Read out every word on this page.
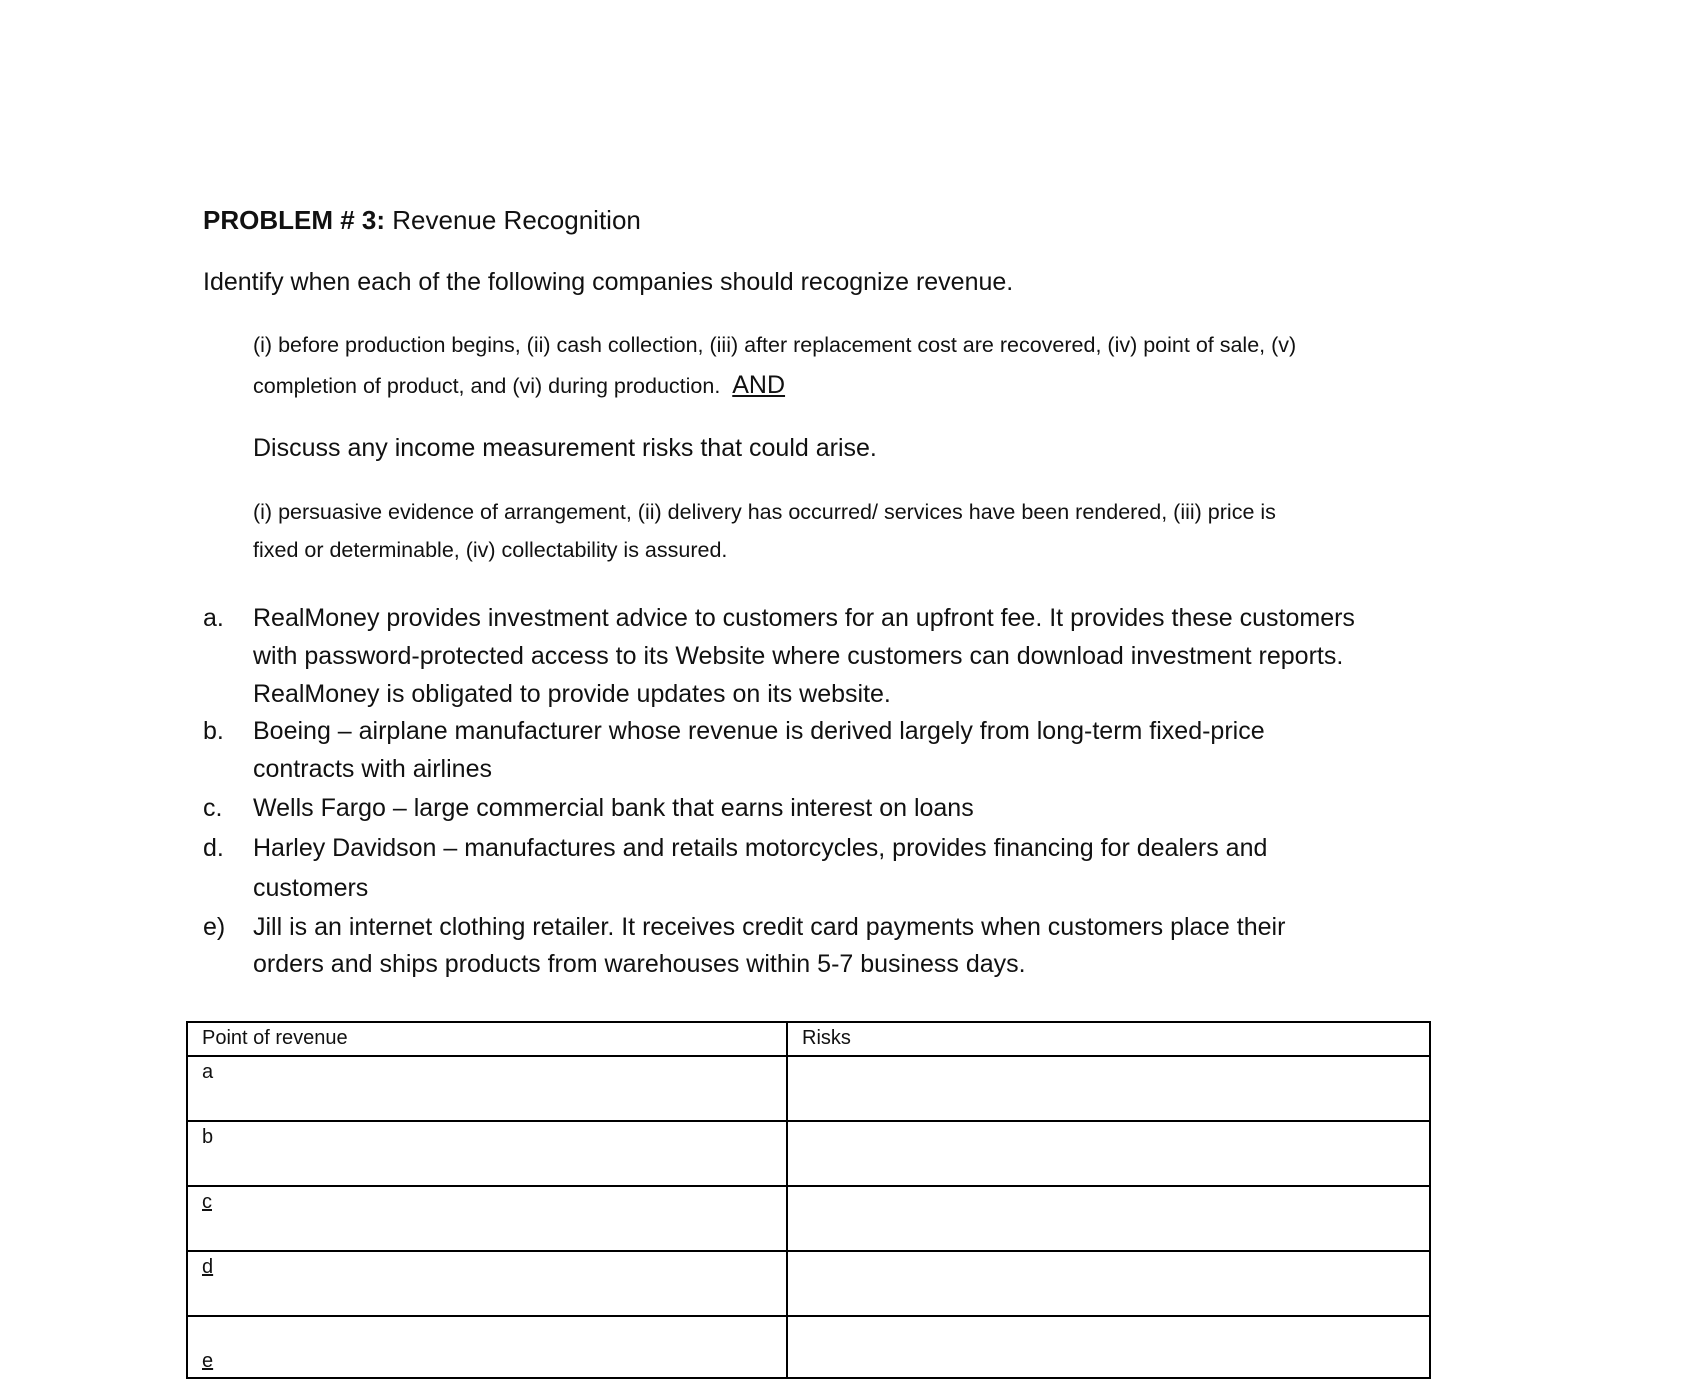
PROBLEM # 3: Revenue Recognition
Identify when each of the following companies should recognize revenue.
(i) before production begins, (ii) cash collection, (iii) after replacement cost are recovered, (iv) point of sale, (v)
completion of product, and (vi) during production. AND
Discuss any income measurement risks that could arise.
(i) persuasive evidence of arrangement, (ii) delivery has occurred/ services have been rendered, (iii) price is
fixed or determinable, (iv) collectability is assured.
a. RealMoney provides investment advice to customers for an upfront fee. It provides these customers
with password-protected access to its Website where customers can download investment reports.
RealMoney is obligated to provide updates on its website.
b. Boeing – airplane manufacturer whose revenue is derived largely from long-term fixed-price
contracts with airlines
c. Wells Fargo – large commercial bank that earns interest on loans
d. Harley Davidson – manufactures and retails motorcycles, provides financing for dealers and
customers
e) Jill is an internet clothing retailer. It receives credit card payments when customers place their
orders and ships products from warehouses within 5-7 business days.
Point of revenue	Risks
a	
b	
c	
d	
e	
